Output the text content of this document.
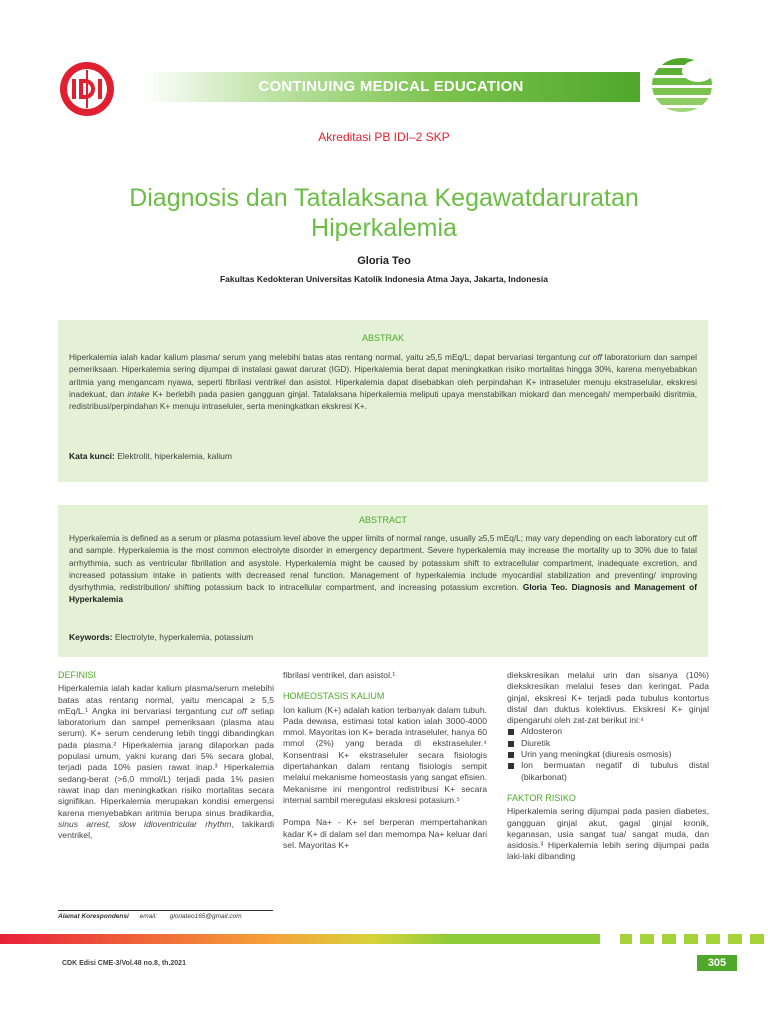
CONTINUING MEDICAL EDUCATION
Akreditasi PB IDI–2 SKP
Diagnosis dan Tatalaksana Kegawatdaruratan
Hiperkalemia
Gloria Teo
Fakultas Kedokteran Universitas Katolik Indonesia Atma Jaya, Jakarta, Indonesia
ABSTRAK
Hiperkalemia ialah kadar kalium plasma/ serum yang melebihi batas atas rentang normal, yaitu ≥5,5 mEq/L; dapat bervariasi tergantung cut off laboratorium dan sampel pemeriksaan. Hiperkalemia sering dijumpai di instalasi gawat darurat (IGD). Hiperkalemia berat dapat meningkatkan risiko mortalitas hingga 30%, karena menyebabkan aritmia yang mengancam nyawa, seperti fibrilasi ventrikel dan asistol. Hiperkalemia dapat disebabkan oleh perpindahan K+ intraseluler menuju ekstraselular, ekskresi inadekuat, dan intake K+ berlebih pada pasien gangguan ginjal. Tatalaksana hiperkalemia meliputi upaya menstabilkan miokard dan mencegah/ memperbaiki disritmia, redistribusi/perpindahan K+ menuju intraseluler, serta meningkatkan ekskresi K+.
Kata kunci: Elektrolit, hiperkalemia, kalium
ABSTRACT
Hyperkalemia is defined as a serum or plasma potassium level above the upper limits of normal range, usually ≥5,5 mEq/L; may vary depending on each laboratory cut off and sample. Hyperkalemia is the most common electrolyte disorder in emergency department. Severe hyperkalemia may increase the mortality up to 30% due to fatal arrhythmia, such as ventricular fibrillation and asystole. Hyperkalemia might be caused by potassium shift to extracellular compartment, inadequate excretion, and increased potassium intake in patients with decreased renal function. Management of hyperkalemia include myocardial stabilization and preventing/ improving dysrhythmia, redistribution/ shifting potassium back to intracellular compartment, and increasing potassium excretion. Gloria Teo. Diagnosis and Management of Hyperkalemia
Keywords: Electrolyte, hyperkalemia, potassium
DEFINISI

Hiperkalemia ialah kadar kalium plasma/serum melebihi batas atas rentang normal, yaitu mencapai ≥ 5,5 mEq/L.¹ Angka ini bervariasi tergantung cut off setiap laboratorium dan sampel pemeriksaan (plasma atau serum). K+ serum cenderung lebih tinggi dibandingkan pada plasma.² Hiperkalemia jarang dilaporkan pada populasi umum, yakni kurang dari 5% secara global, terjadi pada 10% pasien rawat inap.³ Hiperkalemia sedang-berat (>6,0 mmol/L) terjadi pada 1% pasien rawat inap dan meningkatkan risiko mortalitas secara signifikan. Hiperkalemia merupakan kondisi emergensi karena menyebabkan aritmia berupa sinus bradikardia, sinus arrest, slow idioventricular rhythm, takikardi ventrikel,

fibrilasi ventrikel, dan asistol.¹

HOMEOSTASIS KALIUM

Ion kalium (K+) adalah kation terbanyak dalam tubuh. Pada dewasa, estimasi total kation ialah 3000-4000 mmol. Mayoritas ion K+ berada intraseluler, hanya 60 mmol (2%) yang berada di ekstraseluler.⁴ Konsentrasi K+ ekstraseluler secara fisiologis dipertahankan dalam rentang fisiologis sempit melalui mekanisme homeostasis yang sangat efisien. Mekanisme ini mengontrol redistribusi K+ secara internal sambil meregulasi ekskresi potasium.⁵

Pompa Na+ - K+ sel berperan mempertahankan kadar K+ di dalam sel dan memompa Na+ keluar dari sel. Mayoritas K+

diekskresikan melalui urin dan sisanya (10%) diekskresikan melalui feses dan keringat. Pada ginjal, ekskresi K+ terjadi pada tubulus kontortus distal dan duktus kolektivus. Ekskresi K+ ginjal dipengaruhi oleh zat-zat berikut ini:⁴

Aldosteron
Diuretik
Urin yang meningkat (diuresis osmosis)
Ion bermuatan negatif di tubulus distal (bikarbonat)
FAKTOR RISIKO

Hiperkalemia sering dijumpai pada pasien diabetes, gangguan ginjal akut, gagal ginjal kronik, keganasan, usia sangat tua/ sangat muda, dan asidosis.³ Hiperkalemia lebih sering dijumpai pada laki-laki dibanding

Alamat Korespondensi email: gloriateo165@gmail.com
CDK Edisi CME-3/Vol.48 no.8, th.2021	305
